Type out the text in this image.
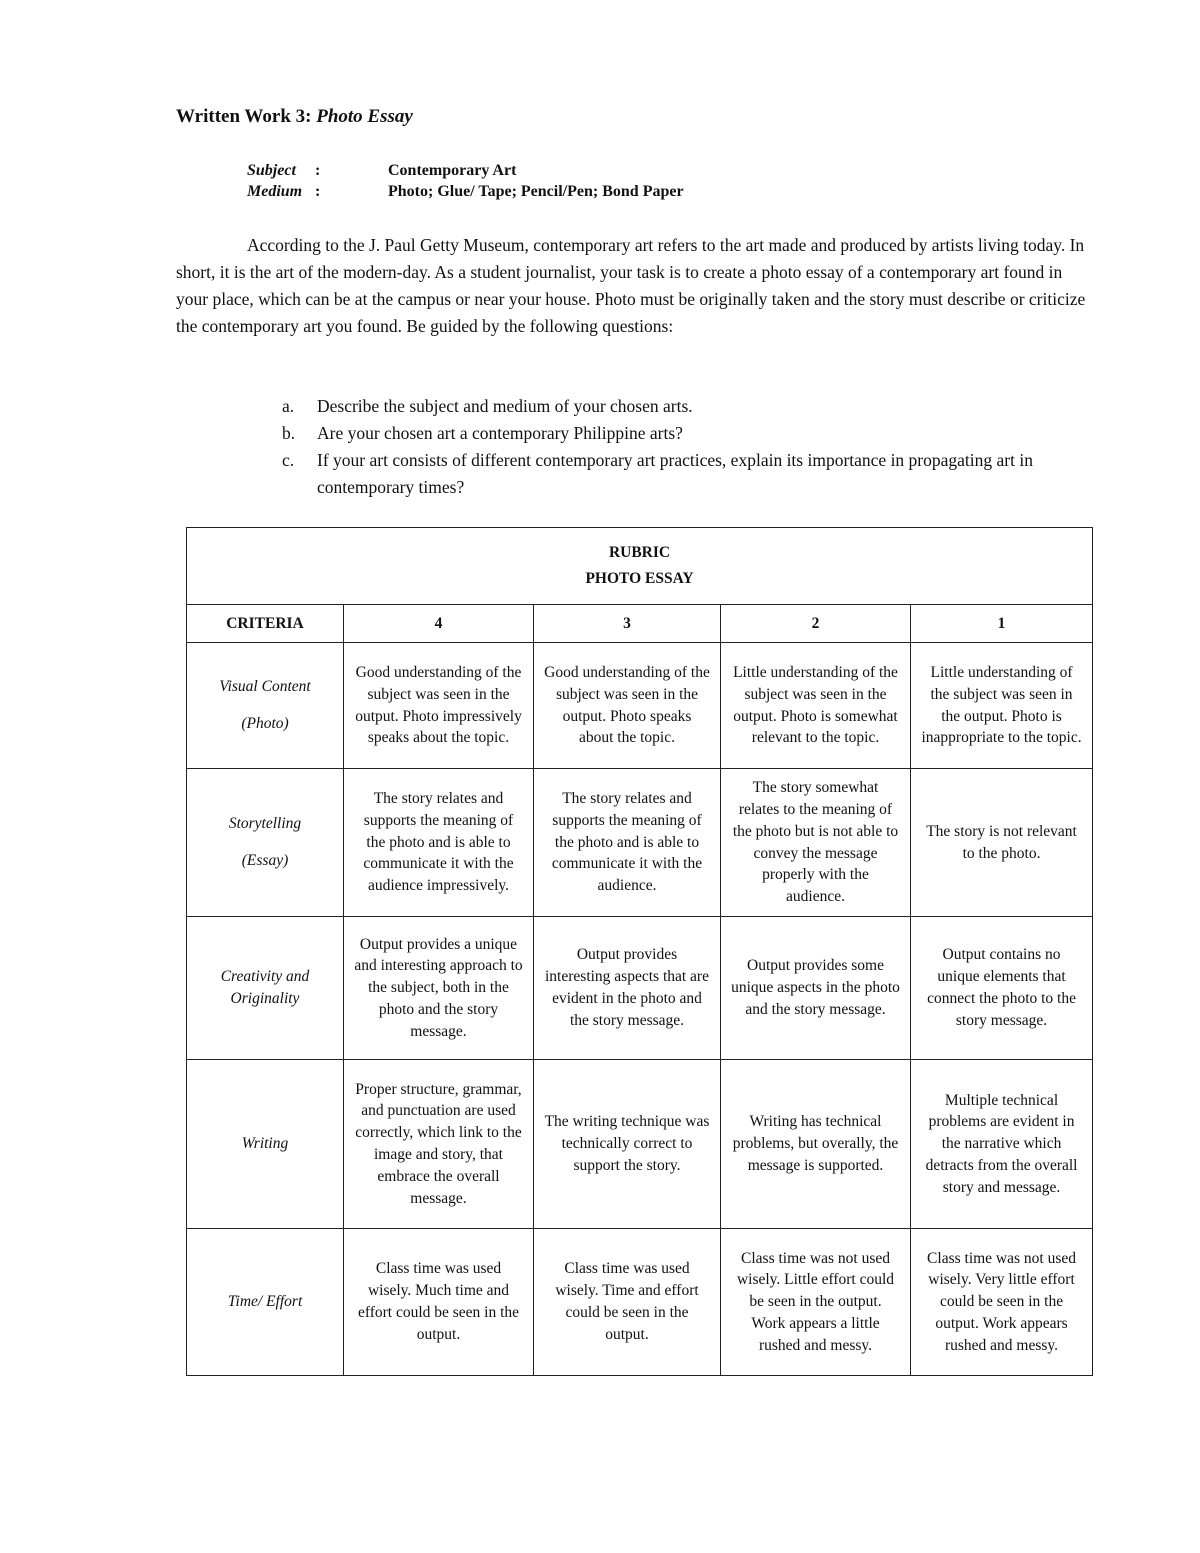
Written Work 3: Photo Essay
Subject	:	Contemporary Art
Medium :	Photo; Glue/ Tape; Pencil/Pen; Bond Paper

According to the J. Paul Getty Museum, contemporary art refers to the art made and produced by artists living today. In short, it is the art of the modern-day. As a student journalist, your task is to create a photo essay of a contemporary art found in your place, which can be at the campus or near your house. Photo must be originally taken and the story must describe or criticize the contemporary art you found. Be guided by the following questions:

a.	Describe the subject and medium of your chosen arts.
b.	Are your chosen art a contemporary Philippine arts?
c.	If your art consists of different contemporary art practices, explain its importance in propagating art in contemporary times?
RUBRIC
PHOTO ESSAY				

CRITERIA	4	3	2	1

Visual Content
(Photo)	Good understanding of the subject was seen in the output. Photo impressively speaks about the topic.	Good understanding of the subject was seen in the output. Photo speaks about the topic.	Little understanding of the subject was seen in the output. Photo is somewhat relevant to the topic.	Little understanding of the subject was seen in the output. Photo is inappropriate to the topic.

Storytelling
(Essay)	The story relates and supports the meaning of the photo and is able to communicate it with the audience impressively.	The story relates and supports the meaning of the photo and is able to communicate it with the audience.	The story somewhat relates to the meaning of the photo but is not able to convey the message properly with the audience.	The story is not relevant to the photo.

Creativity and Originality	Output provides a unique and interesting approach to the subject, both in the photo and the story message.	Output provides interesting aspects that are evident in the photo and the story message.	Output provides some unique aspects in the photo and the story message.	Output contains no unique elements that connect the photo to the story message.

Writing	Proper structure, grammar, and punctuation are used correctly, which link to the image and story, that embrace the overall message.	The writing technique was technically correct to support the story.	Writing has technical problems, but overally, the message is supported.	Multiple technical problems are evident in the narrative which detracts from the overall story and message.

Time/ Effort	Class time was used wisely. Much time and effort could be seen in the output.	Class time was used wisely. Time and effort could be seen in the output.	Class time was not used wisely. Little effort could be seen in the output. Work appears a little rushed and messy.	Class time was not used wisely. Very little effort could be seen in the output. Work appears rushed and messy.
